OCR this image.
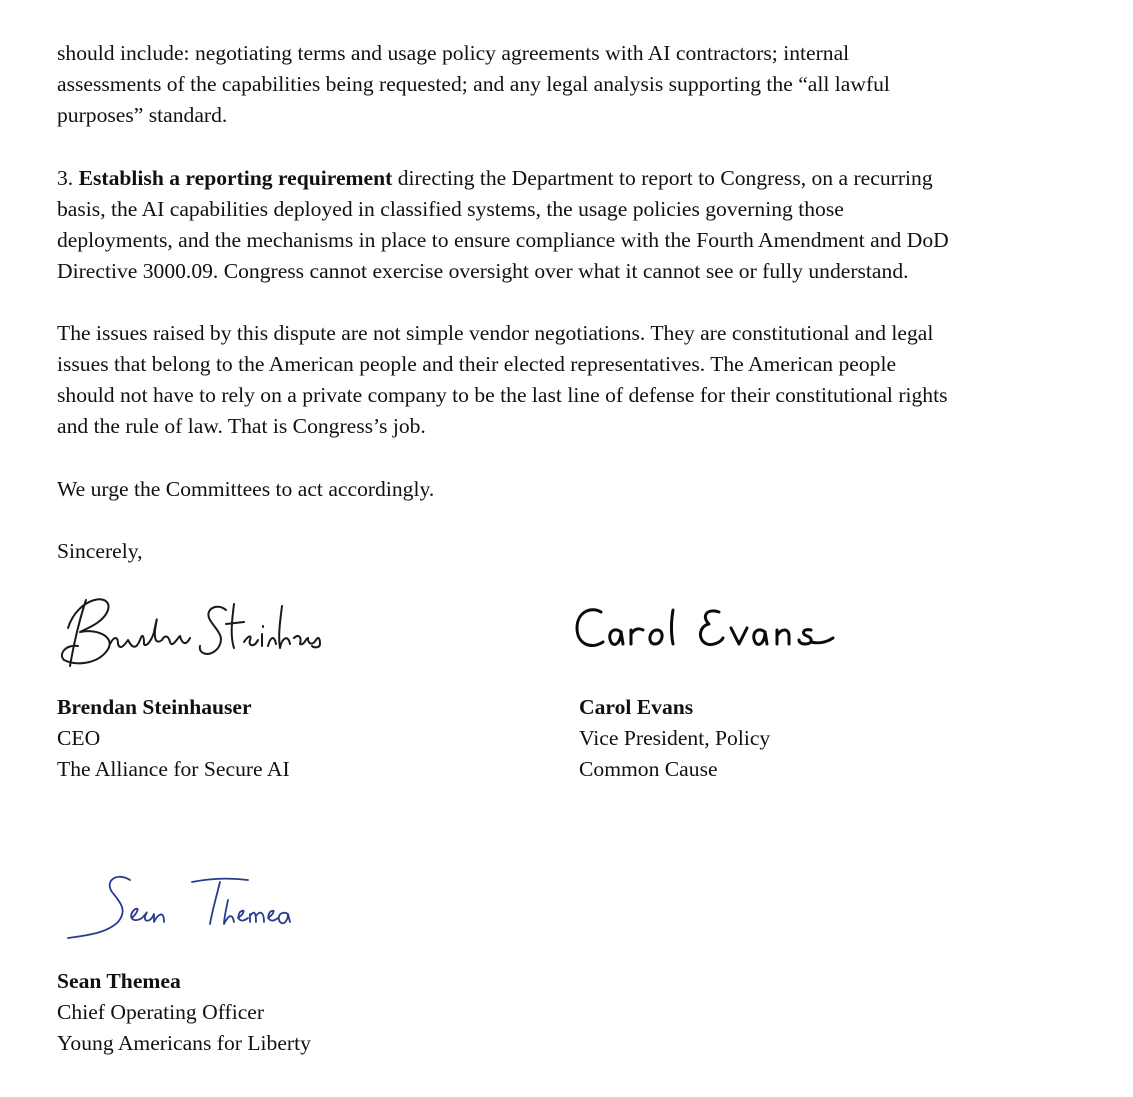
should include: negotiating terms and usage policy agreements with AI contractors; internal
assessments of the capabilities being requested; and any legal analysis supporting the “all lawful
purposes” standard.

3. Establish a reporting requirement directing the Department to report to Congress, on a recurring
basis, the AI capabilities deployed in classified systems, the usage policies governing those
deployments, and the mechanisms in place to ensure compliance with the Fourth Amendment and DoD
Directive 3000.09. Congress cannot exercise oversight over what it cannot see or fully understand.

The issues raised by this dispute are not simple vendor negotiations. They are constitutional and legal
issues that belong to the American people and their elected representatives. The American people
should not have to rely on a private company to be the last line of defense for their constitutional rights
and the rule of law. That is Congress’s job.

We urge the Committees to act accordingly.

Sincerely,

Brendan Steinhauser
CEO
The Alliance for Secure AI
Carol Evans
Vice President, Policy
Common Cause
Sean Themea
Chief Operating Officer
Young Americans for Liberty
